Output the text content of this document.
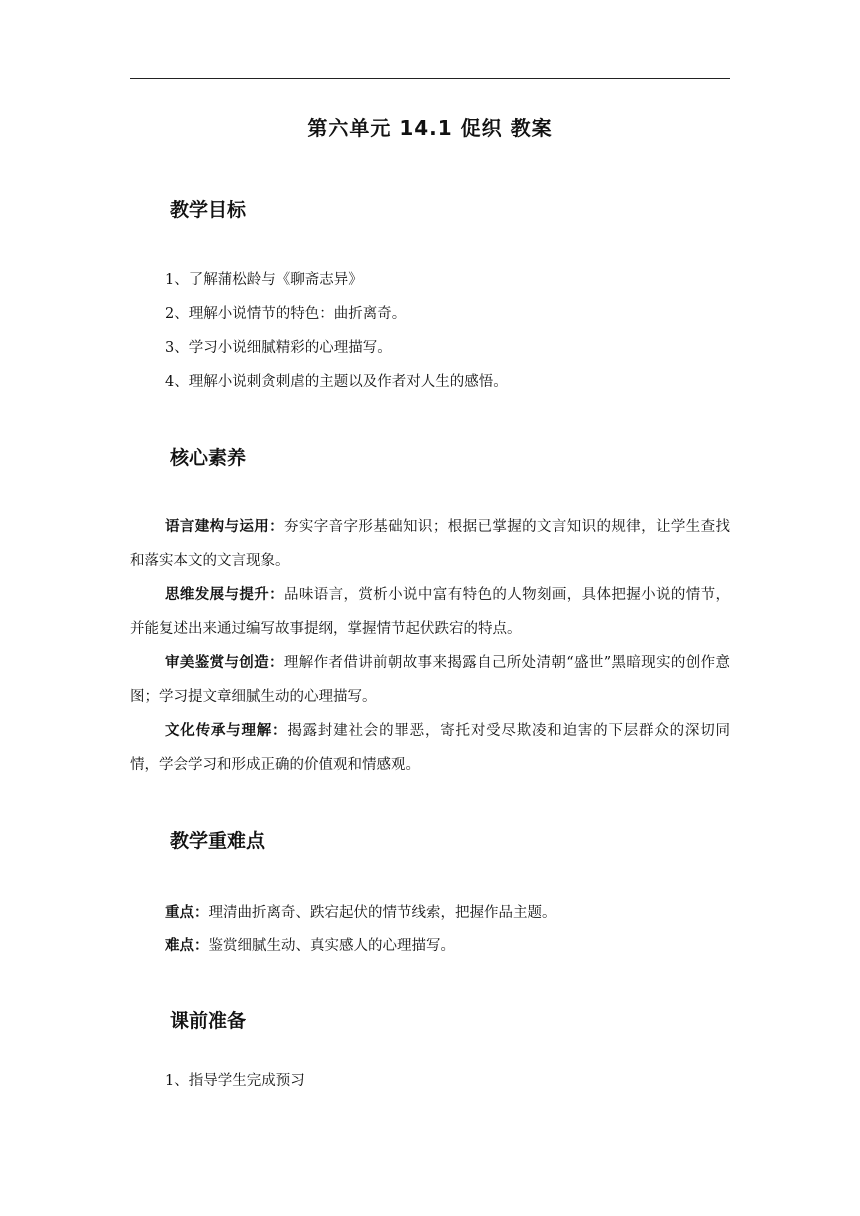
第六单元 14.1 促织 教案
教学目标
1、了解蒲松龄与《聊斋志异》
2、理解小说情节的特色：曲折离奇。
3、学习小说细腻精彩的心理描写。
4、理解小说刺贪刺虐的主题以及作者对人生的感悟。
核心素养
语言建构与运用：夯实字音字形基础知识；根据已掌握的文言知识的规律，让学生查找和落实本文的文言现象。
思维发展与提升：品味语言，赏析小说中富有特色的人物刻画，具体把握小说的情节，并能复述出来通过编写故事提纲，掌握情节起伏跌宕的特点。
审美鉴赏与创造：理解作者借讲前朝故事来揭露自己所处清朝“盛世”黑暗现实的创作意图；学习提文章细腻生动的心理描写。
文化传承与理解：揭露封建社会的罪恶，寄托对受尽欺凌和迫害的下层群众的深切同情，学会学习和形成正确的价值观和情感观。
教学重难点
重点：理清曲折离奇、跌宕起伏的情节线索，把握作品主题。
难点：鉴赏细腻生动、真实感人的心理描写。
课前准备
1、指导学生完成预习
